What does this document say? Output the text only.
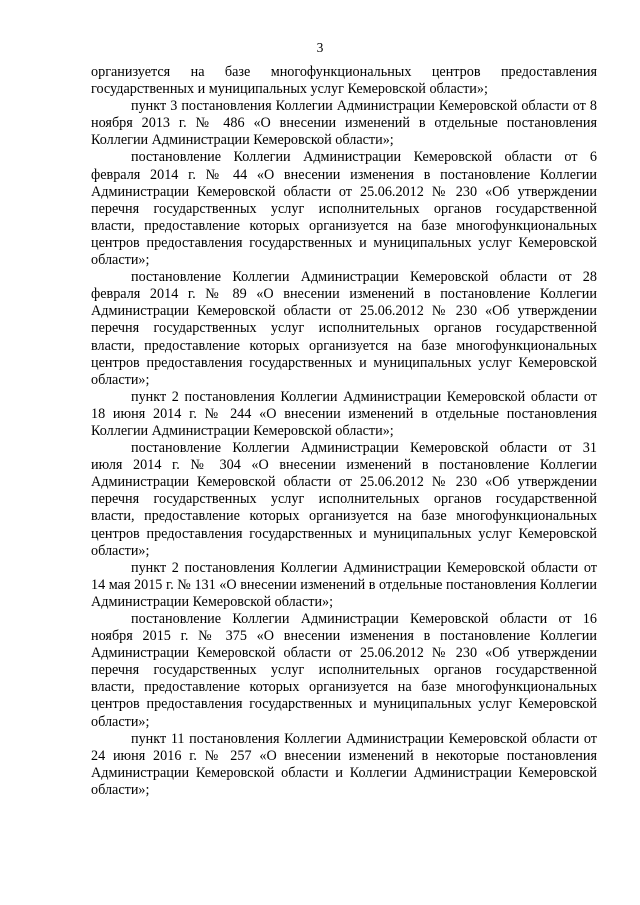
3

организуется на базе многофункциональных центров предоставления государственных и муниципальных услуг Кемеровской области»;

пункт 3 постановления Коллегии Администрации Кемеровской области от 8 ноября 2013 г. № 486 «О внесении изменений в отдельные постановления Коллегии Администрации Кемеровской области»;

постановление Коллегии Администрации Кемеровской области от 6 февраля 2014 г. № 44 «О внесении изменения в постановление Коллегии Администрации Кемеровской области от 25.06.2012 № 230 «Об утверждении перечня государственных услуг исполнительных органов государственной власти, предоставление которых организуется на базе многофункциональных центров предоставления государственных и муниципальных услуг Кемеровской области»;

постановление Коллегии Администрации Кемеровской области от 28 февраля 2014 г. № 89 «О внесении изменений в постановление Коллегии Администрации Кемеровской области от 25.06.2012 № 230 «Об утверждении перечня государственных услуг исполнительных органов государственной власти, предоставление которых организуется на базе многофункциональных центров предоставления государственных и муниципальных услуг Кемеровской области»;

пункт 2 постановления Коллегии Администрации Кемеровской области от 18 июня 2014 г. № 244 «О внесении изменений в отдельные постановления Коллегии Администрации Кемеровской области»;

постановление Коллегии Администрации Кемеровской области от 31 июля 2014 г. № 304 «О внесении изменений в постановление Коллегии Администрации Кемеровской области от 25.06.2012 № 230 «Об утверждении перечня государственных услуг исполнительных органов государственной власти, предоставление которых организуется на базе многофункциональных центров предоставления государственных и муниципальных услуг Кемеровской области»;

пункт 2 постановления Коллегии Администрации Кемеровской области от 14 мая 2015 г. № 131 «О внесении изменений в отдельные постановления Коллегии Администрации Кемеровской области»;

постановление Коллегии Администрации Кемеровской области от 16 ноября 2015 г. № 375 «О внесении изменения в постановление Коллегии Администрации Кемеровской области от 25.06.2012 № 230 «Об утверждении перечня государственных услуг исполнительных органов государственной власти, предоставление которых организуется на базе многофункциональных центров предоставления государственных и муниципальных услуг Кемеровской области»;

пункт 11 постановления Коллегии Администрации Кемеровской области от 24 июня 2016 г. № 257 «О внесении изменений в некоторые постановления Администрации Кемеровской области и Коллегии Администрации Кемеровской области»;
